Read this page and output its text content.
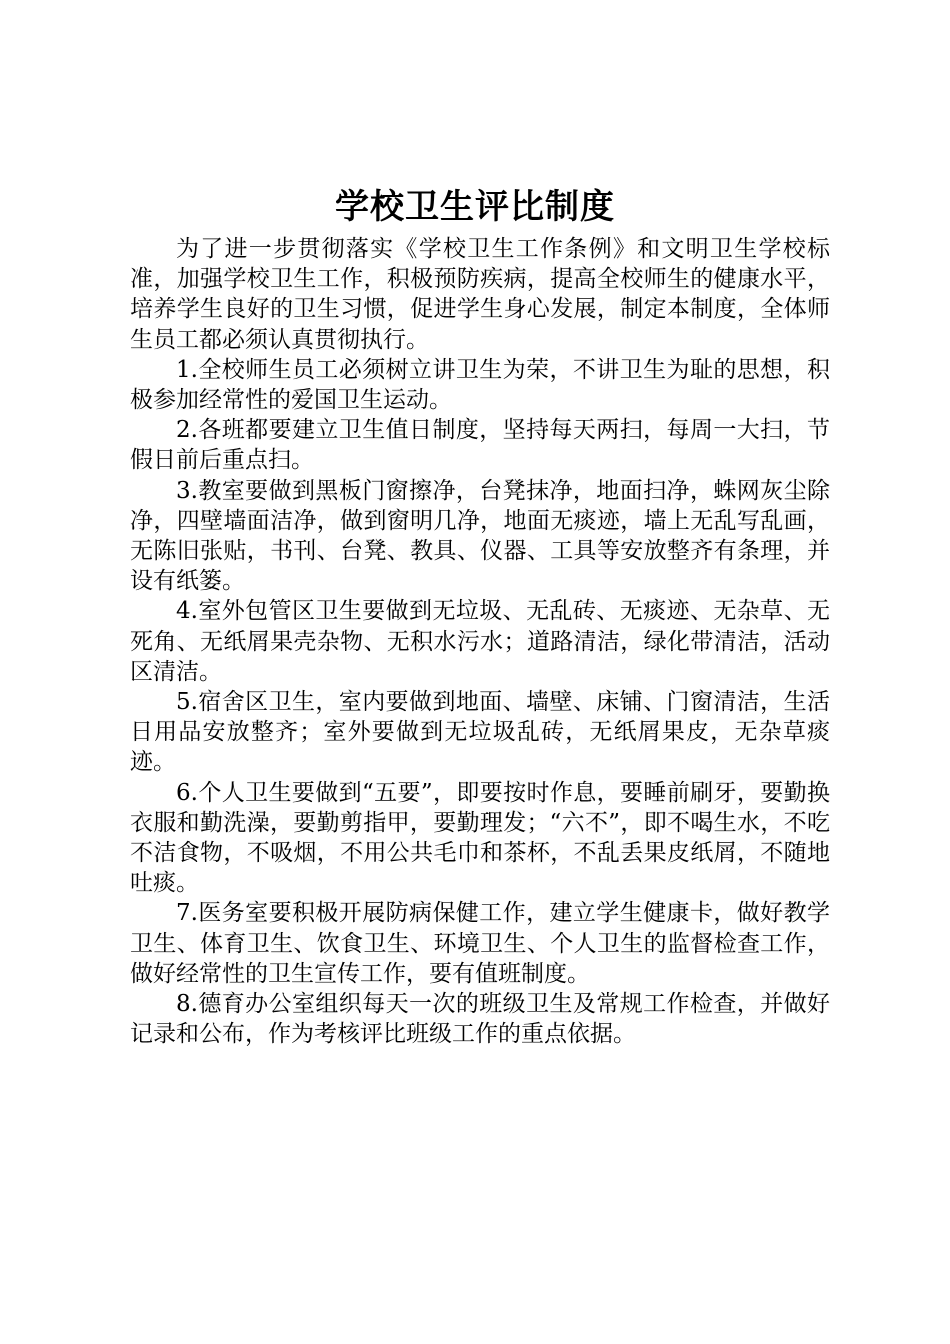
学校卫生评比制度

为了进一步贯彻落实《学校卫生工作条例》和文明卫生学校标准，加强学校卫生工作，积极预防疾病，提高全校师生的健康水平，培养学生良好的卫生习惯，促进学生身心发展，制定本制度，全体师生员工都必须认真贯彻执行。

1.全校师生员工必须树立讲卫生为荣，不讲卫生为耻的思想，积极参加经常性的爱国卫生运动。

2.各班都要建立卫生值日制度，坚持每天两扫，每周一大扫，节假日前后重点扫。

3.教室要做到黑板门窗擦净，台凳抹净，地面扫净，蛛网灰尘除净，四壁墙面洁净，做到窗明几净，地面无痰迹，墙上无乱写乱画，无陈旧张贴，书刊、台凳、教具、仪器、工具等安放整齐有条理，并设有纸篓。

4.室外包管区卫生要做到无垃圾、无乱砖、无痰迹、无杂草、无死角、无纸屑果壳杂物、无积水污水；道路清洁，绿化带清洁，活动区清洁。

5.宿舍区卫生，室内要做到地面、墙壁、床铺、门窗清洁，生活日用品安放整齐；室外要做到无垃圾乱砖，无纸屑果皮，无杂草痰迹。

6.个人卫生要做到“五要”，即要按时作息，要睡前刷牙，要勤换衣服和勤洗澡，要勤剪指甲，要勤理发；“六不”，即不喝生水，不吃不洁食物，不吸烟，不用公共毛巾和茶杯，不乱丢果皮纸屑，不随地吐痰。

7.医务室要积极开展防病保健工作，建立学生健康卡，做好教学卫生、体育卫生、饮食卫生、环境卫生、个人卫生的监督检查工作，做好经常性的卫生宣传工作，要有值班制度。

8.德育办公室组织每天一次的班级卫生及常规工作检查，并做好记录和公布，作为考核评比班级工作的重点依据。
